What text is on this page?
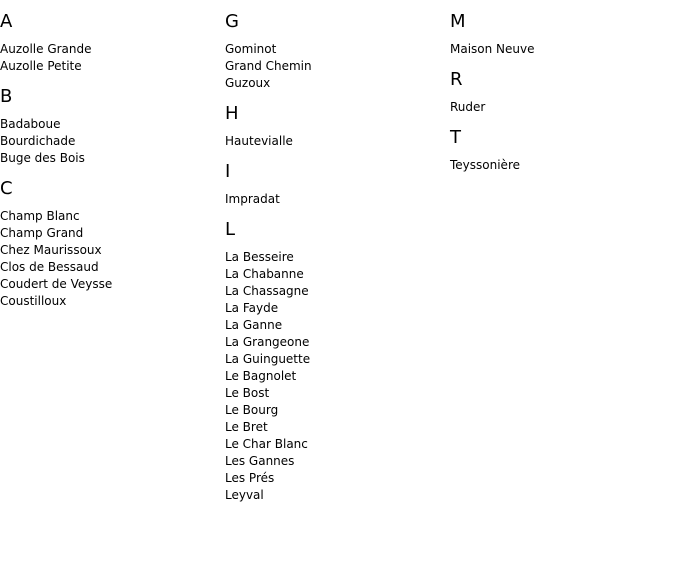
A
Auzolle Grande
Auzolle Petite
B
Badaboue
Bourdichade
Buge des Bois
C
Champ Blanc
Champ Grand
Chez Maurissoux
Clos de Bessaud
Coudert de Veysse
Coustilloux
G
Gominot
Grand Chemin
Guzoux
H
Hautevialle
I
Impradat
L
La Besseire
La Chabanne
La Chassagne
La Fayde
La Ganne
La Grangeone
La Guinguette
Le Bagnolet
Le Bost
Le Bourg
Le Bret
Le Char Blanc
Les Gannes
Les Prés
Leyval
M
Maison Neuve
R
Ruder
T
Teyssonière
